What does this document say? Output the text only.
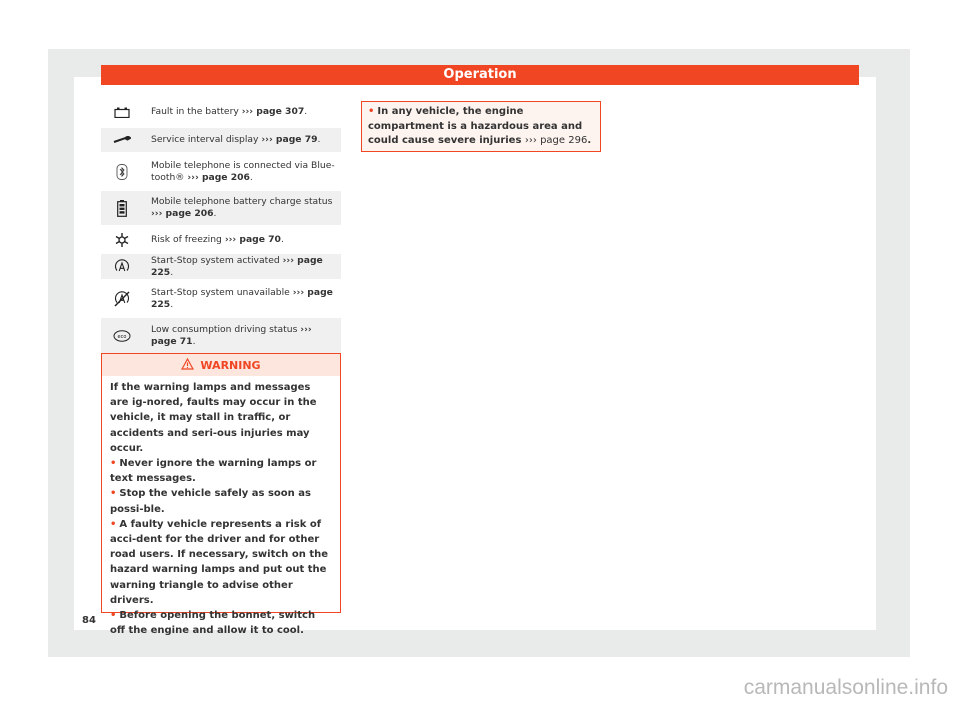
Operation
Fault in the battery ››› page 307.
Service interval display ››› page 79.
Mobile telephone is connected via Blue-tooth® ››› page 206.
Mobile telephone battery charge status ››› page 206.
Risk of freezing ››› page 70.
Start-Stop system activated ››› page 225.
Start-Stop system unavailable ››› page 225.
eco
Low consumption driving status ››› page 71.
WARNING
If the warning lamps and messages are ig-nored, faults may occur in the vehicle, it may stall in traffic, or accidents and seri-ous injuries may occur.
• Never ignore the warning lamps or text messages.
• Stop the vehicle safely as soon as possi-ble.
• A faulty vehicle represents a risk of acci-dent for the driver and for other road users. If necessary, switch on the hazard warning lamps and put out the warning triangle to advise other drivers.
• Before opening the bonnet, switch off the engine and allow it to cool.
• In any vehicle, the engine compartment is a hazardous area and could cause severe injuries ››› page 296.
84
carmanualsonline.info
